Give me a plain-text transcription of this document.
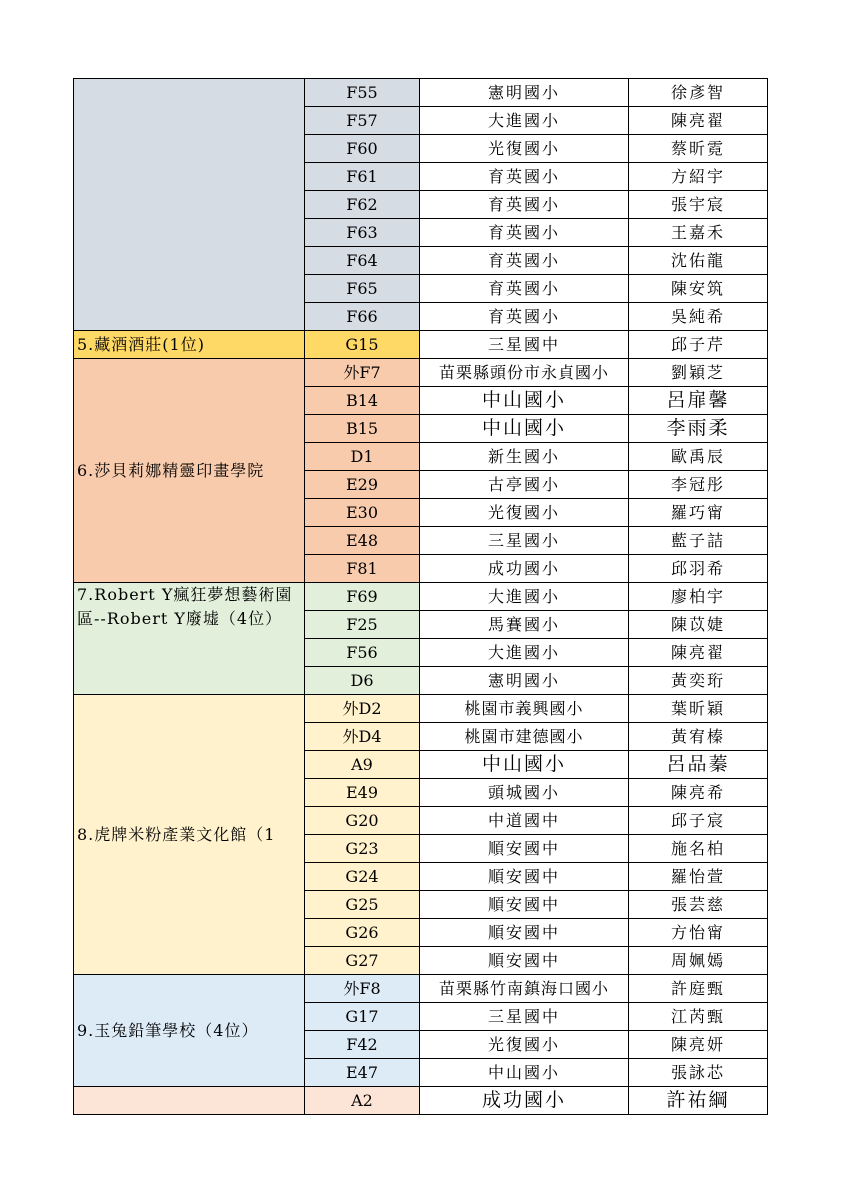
	F55	憲明國小	徐彥智
	F57	大進國小	陳亮翟
	F60	光復國小	蔡昕霓
	F61	育英國小	方紹宇
	F62	育英國小	張宇宸
	F63	育英國小	王嘉禾
	F64	育英國小	沈佑龍
	F65	育英國小	陳安筑
	F66	育英國小	吳純希
5.藏酒酒莊(1位)	G15	三星國中	邱子芹
6.莎貝莉娜精靈印畫學院	外F7	苗栗縣頭份市永貞國小	劉穎芝
	B14	中山國小	呂扉馨
	B15	中山國小	李雨柔
	D1	新生國小	歐禹辰
	E29	古亭國小	李冠彤
	E30	光復國小	羅巧甯
	E48	三星國小	藍子詰
	F81	成功國小	邱羽希
7.Robert Y瘋狂夢想藝術園區--Robert Y廢墟（4位）	F69	大進國小	廖柏宇
	F25	馬賽國小	陳苡婕
	F56	大進國小	陳亮翟
	D6	憲明國小	黃奕珩
8.虎牌米粉產業文化館（1	外D2	桃園市義興國小	葉昕穎
	外D4	桃園市建德國小	黃宥榛
	A9	中山國小	呂品蓁
	E49	頭城國小	陳亮希
	G20	中道國中	邱子宸
	G23	順安國中	施名柏
	G24	順安國中	羅怡萱
	G25	順安國中	張芸慈
	G26	順安國中	方怡甯
	G27	順安國中	周姵嫣
9.玉兔鉛筆學校（4位）	外F8	苗栗縣竹南鎮海口國小	許庭甄
	G17	三星國中	江芮甄
	F42	光復國小	陳亮妍
	E47	中山國小	張詠芯
	A2	成功國小	許祐綱
